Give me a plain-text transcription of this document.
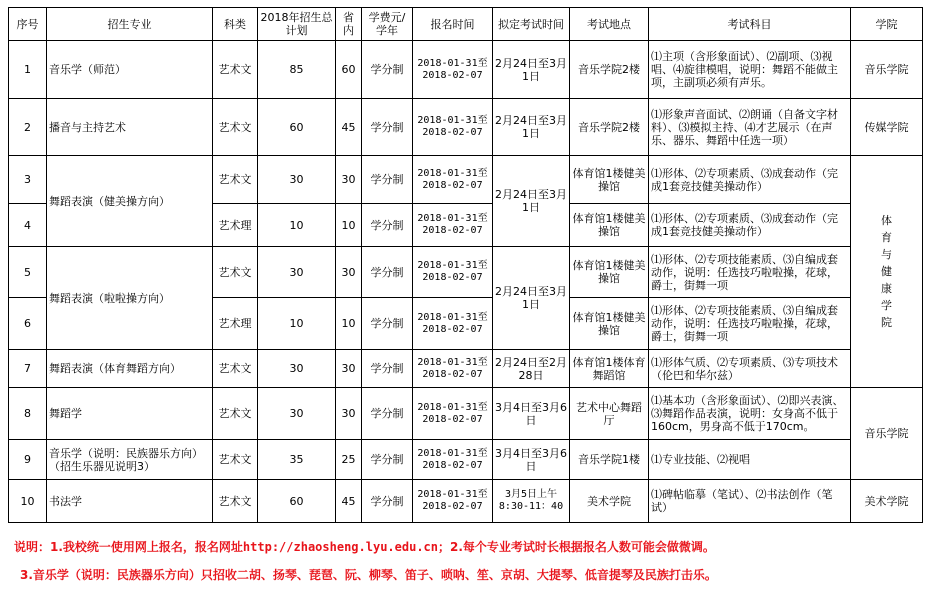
序号	招生专业	科类	2018年招生总计划	省内	学费元/学年	报名时间	拟定考试时间	考试地点	考试科目	学院
1	音乐学（师范）	艺术文	85	60	学分制	2018-01-31至2018-02-07	2月24日至3月1日	音乐学院2楼	⑴主项（含形象面试）、⑵副项、⑶视唱、⑷旋律模唱，说明：舞蹈不能做主项，主副项必须有声乐。	音乐学院
2	播音与主持艺术	艺术文	60	45	学分制	2018-01-31至2018-02-07	2月24日至3月1日	音乐学院2楼	⑴形象声音面试、⑵朗诵（自备文字材料）、⑶模拟主持、⑷才艺展示（在声乐、器乐、舞蹈中任选一项）	传媒学院
3	舞蹈表演（健美操方向）	艺术文	30	30	学分制	2018-01-31至2018-02-07	2月24日至3月1日	体育馆1楼健美操馆	⑴形体、⑵专项素质、⑶成套动作（完成1套竞技健美操动作）	体育与健康学院
4		艺术理	10	10	学分制	2018-01-31至2018-02-07		体育馆1楼健美操馆	⑴形体、⑵专项素质、⑶成套动作（完成1套竞技健美操动作）	
5	舞蹈表演（啦啦操方向）	艺术文	30	30	学分制	2018-01-31至2018-02-07	2月24日至3月1日	体育馆1楼健美操馆	⑴形体、⑵专项技能素质、⑶自编成套动作，说明：任选技巧啦啦操，花球，爵士，街舞一项	
6		艺术理	10	10	学分制	2018-01-31至2018-02-07		体育馆1楼健美操馆	⑴形体、⑵专项技能素质、⑶自编成套动作，说明：任选技巧啦啦操，花球，爵士，街舞一项	
7	舞蹈表演（体育舞蹈方向）	艺术文	30	30	学分制	2018-01-31至2018-02-07	2月24日至2月28日	体育馆1楼体育舞蹈馆	⑴形体气质、⑵专项素质、⑶专项技术（伦巴和华尔兹）	
8	舞蹈学	艺术文	30	30	学分制	2018-01-31至2018-02-07	3月4日至3月6日	艺术中心舞蹈厅	⑴基本功（含形象面试）、⑵即兴表演、⑶舞蹈作品表演，说明：女身高不低于160cm，男身高不低于170cm。	音乐学院
9	音乐学（说明：民族器乐方向）（招生乐器见说明3）	艺术文	35	25	学分制	2018-01-31至2018-02-07	3月4日至3月6日	音乐学院1楼	⑴专业技能、⑵视唱	
10	书法学	艺术文	60	45	学分制	2018-01-31至2018-02-07	3月5日上午8:30-11：40	美术学院	⑴碑帖临摹（笔试）、⑵书法创作（笔试）	美术学院
说明：1.我校统一使用网上报名，报名网址http://zhaosheng.lyu.edu.cn；2.每个专业考试时长根据报名人数可能会做微调。
3.音乐学（说明：民族器乐方向）只招收二胡、扬琴、琵琶、阮、柳琴、笛子、唢呐、笙、京胡、大提琴、低音提琴及民族打击乐。
